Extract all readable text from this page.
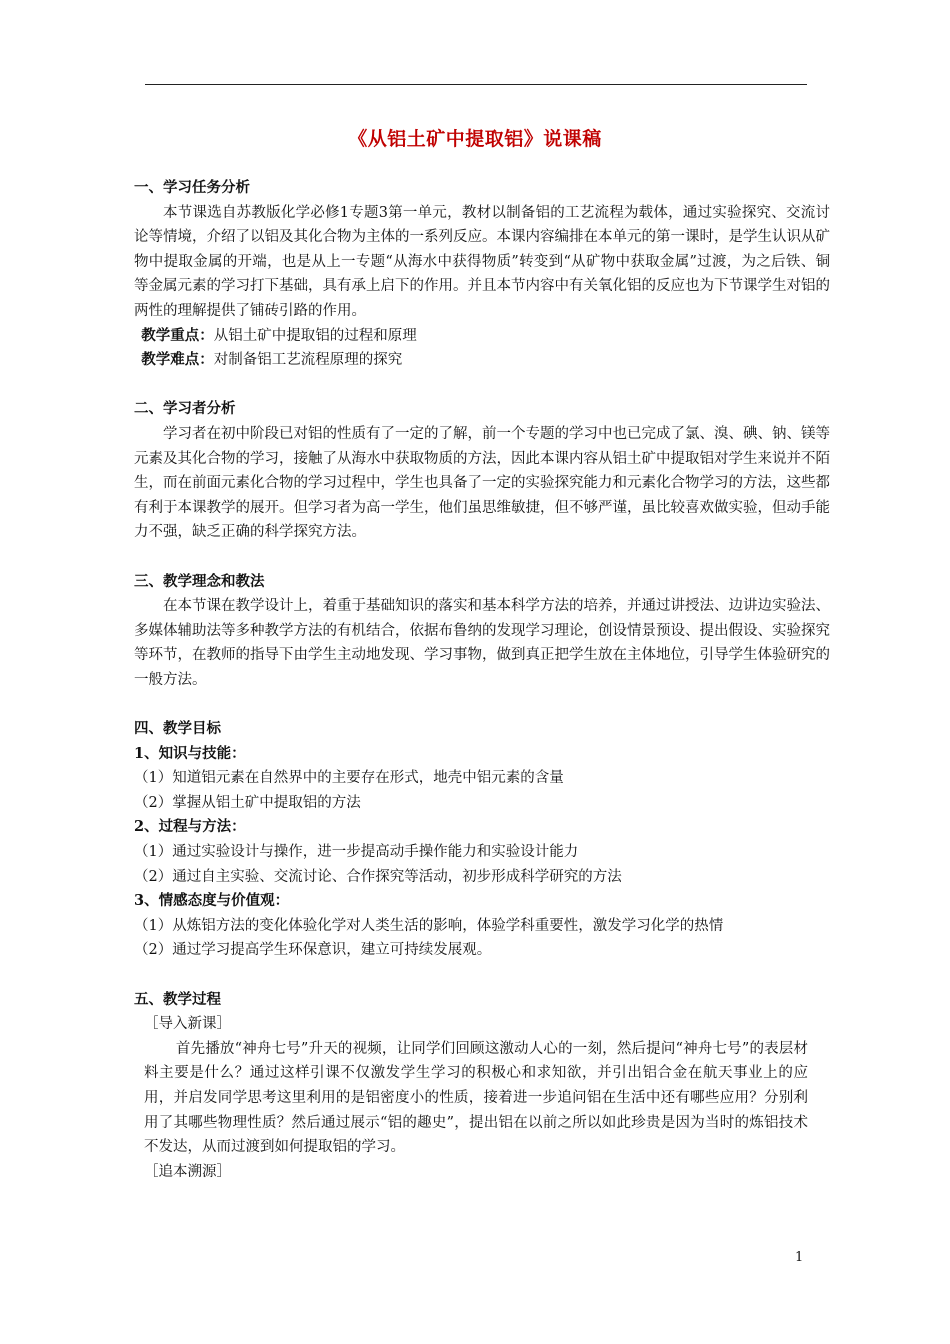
《从铝土矿中提取铝》说课稿

一、学习任务分析

本节课选自苏教版化学必修1专题3第一单元，教材以制备铝的工艺流程为载体，通过实验探究、交流讨论等情境，介绍了以铝及其化合物为主体的一系列反应。本课内容编排在本单元的第一课时，是学生认识从矿物中提取金属的开端，也是从上一专题“从海水中获得物质”转变到“从矿物中获取金属”过渡，为之后铁、铜等金属元素的学习打下基础，具有承上启下的作用。并且本节内容中有关氧化铝的反应也为下节课学生对铝的两性的理解提供了铺砖引路的作用。

教学重点：从铝土矿中提取铝的过程和原理

教学难点：对制备铝工艺流程原理的探究

二、学习者分析

学习者在初中阶段已对铝的性质有了一定的了解，前一个专题的学习中也已完成了氯、溴、碘、钠、镁等元素及其化合物的学习，接触了从海水中获取物质的方法，因此本课内容从铝土矿中提取铝对学生来说并不陌生，而在前面元素化合物的学习过程中，学生也具备了一定的实验探究能力和元素化合物学习的方法，这些都有利于本课教学的展开。但学习者为高一学生，他们虽思维敏捷，但不够严谨，虽比较喜欢做实验，但动手能力不强，缺乏正确的科学探究方法。

三、教学理念和教法

在本节课在教学设计上，着重于基础知识的落实和基本科学方法的培养，并通过讲授法、边讲边实验法、多媒体辅助法等多种教学方法的有机结合，依据布鲁纳的发现学习理论，创设情景预设、提出假设、实验探究等环节，在教师的指导下由学生主动地发现、学习事物，做到真正把学生放在主体地位，引导学生体验研究的一般方法。

四、教学目标

1、知识与技能：

（1）知道铝元素在自然界中的主要存在形式，地壳中铝元素的含量

（2）掌握从铝土矿中提取铝的方法

2、过程与方法：

（1）通过实验设计与操作，进一步提高动手操作能力和实验设计能力

（2）通过自主实验、交流讨论、合作探究等活动，初步形成科学研究的方法

3、情感态度与价值观：

（1）从炼铝方法的变化体验化学对人类生活的影响，体验学科重要性，激发学习化学的热情

（2）通过学习提高学生环保意识，建立可持续发展观。

五、教学过程

［导入新课］

首先播放“神舟七号”升天的视频，让同学们回顾这激动人心的一刻，然后提问“神舟七号”的表层材料主要是什么？通过这样引课不仅激发学生学习的积极心和求知欲，并引出铝合金在航天事业上的应用，并启发同学思考这里利用的是铝密度小的性质，接着进一步追问铝在生活中还有哪些应用？分别利用了其哪些物理性质？然后通过展示“铝的趣史”，提出铝在以前之所以如此珍贵是因为当时的炼铝技术不发达，从而过渡到如何提取铝的学习。

［追本溯源］

1
